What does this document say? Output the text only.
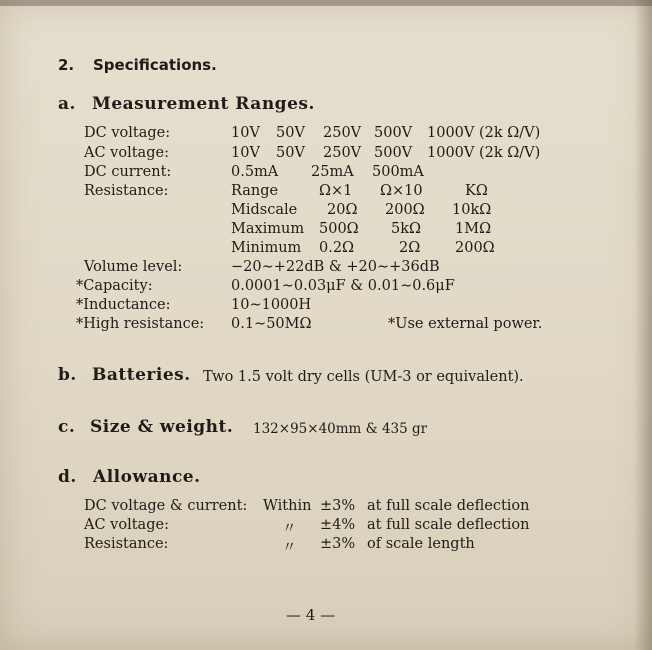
2. Specifications.
a. Measurement Ranges.
DC voltage:	10V 50V 250V 500V 1000V (2k Ω/V)
AC voltage:	10V 50V 250V 500V 1000V (2k Ω/V)
DC current:	0.5mA 25mA 500mA
Resistance:	Range	Ω×1 Ω×10	KΩ
Midscale 20Ω 200Ω 10kΩ
Maximum 500Ω 5kΩ 1MΩ
Minimum 0.2Ω	2Ω 200Ω
Volume level:	−20∼+22dB & +20∼+36dB
*Capacity:	0.0001∼0.03μF & 0.01∼0.6μF
*Inductance:	10∼1000H
*High resistance: 0.1∼50MΩ	*Use external power.
b. Batteries. Two 1.5 volt dry cells (UM-3 or equivalent).
c. Size & weight. 132×95×40mm & 435 gr
d. Allowance.
DC voltage & current: Within ±3% at full scale deflection
AC voltage:	〃 ±4% at full scale deflection
Resistance:	〃 ±3% of scale length
— 4 —
